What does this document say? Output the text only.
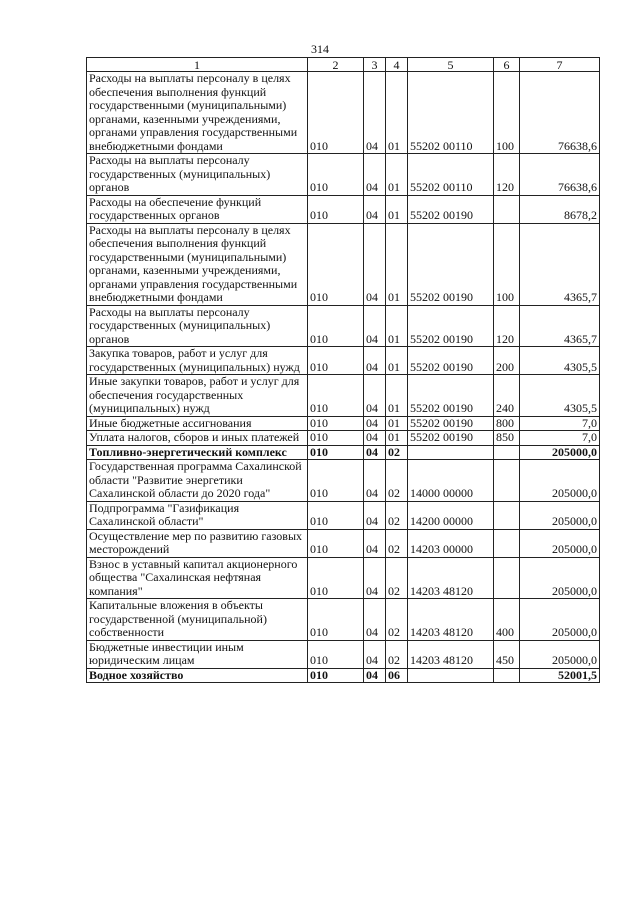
314
1	2	3	4	5	6	7
Расходы на выплаты персоналу в целях обеспечения выполнения функций государственными (муниципальными) органами, казенными учреждениями, органами управления государственными внебюджетными фондами	010	04	01	55202 00110	100	76638,6
Расходы на выплаты персоналу государственных (муниципальных) органов	010	04	01	55202 00110	120	76638,6
Расходы на обеспечение функций государственных органов	010	04	01	55202 00190		8678,2
Расходы на выплаты персоналу в целях обеспечения выполнения функций государственными (муниципальными) органами, казенными учреждениями, органами управления государственными внебюджетными фондами	010	04	01	55202 00190	100	4365,7
Расходы на выплаты персоналу государственных (муниципальных) органов	010	04	01	55202 00190	120	4365,7
Закупка товаров, работ и услуг для государственных (муниципальных) нужд	010	04	01	55202 00190	200	4305,5
Иные закупки товаров, работ и услуг для обеспечения государственных (муниципальных) нужд	010	04	01	55202 00190	240	4305,5
Иные бюджетные ассигнования	010	04	01	55202 00190	800	7,0
Уплата налогов, сборов и иных платежей	010	04	01	55202 00190	850	7,0
Топливно-энергетический комплекс	010	04	02			205000,0
Государственная программа Сахалинской области "Развитие энергетики Сахалинской области до 2020 года"	010	04	02	14000 00000		205000,0
Подпрограмма "Газификация Сахалинской области"	010	04	02	14200 00000		205000,0
Осуществление мер по развитию газовых месторождений	010	04	02	14203 00000		205000,0
Взнос в уставный капитал акционерного общества "Сахалинская нефтяная компания"	010	04	02	14203 48120		205000,0
Капитальные вложения в объекты государственной (муниципальной) собственности	010	04	02	14203 48120	400	205000,0
Бюджетные инвестиции иным юридическим лицам	010	04	02	14203 48120	450	205000,0
Водное хозяйство	010	04	06			52001,5
